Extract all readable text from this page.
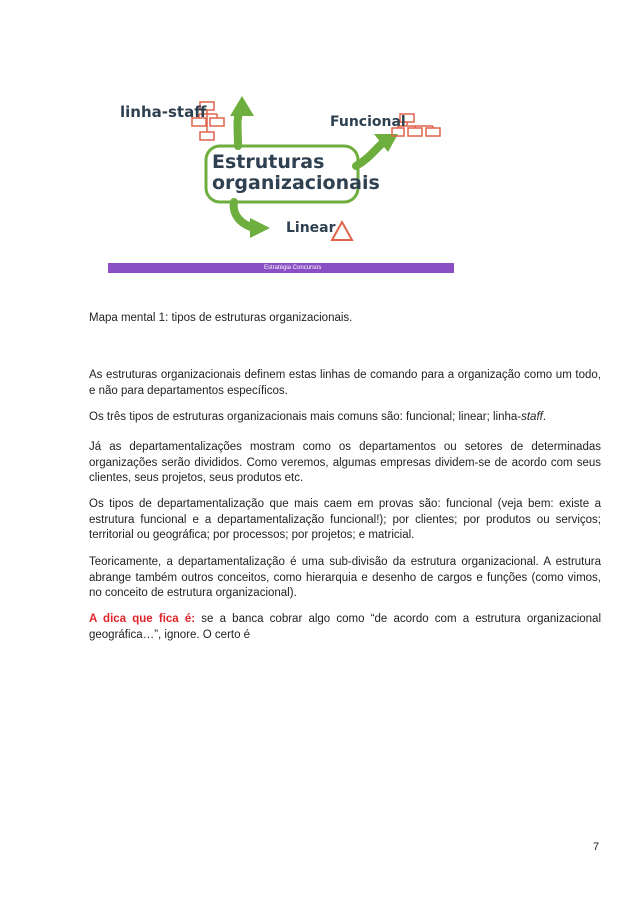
linha-staff
Funcional
Estruturas
organizacionais
Linear
Estratégia Concursos
Mapa mental 1: tipos de estruturas organizacionais.

As estruturas organizacionais definem estas linhas de comando para a organização como um todo, e não para departamentos específicos.

Os três tipos de estruturas organizacionais mais comuns são: funcional; linear; linha-staff.

Já as departamentalizações mostram como os departamentos ou setores de determinadas organizações serão divididos. Como veremos, algumas empresas dividem-se de acordo com seus clientes, seus projetos, seus produtos etc.

Os tipos de departamentalização que mais caem em provas são: funcional (veja bem: existe a estrutura funcional e a departamentalização funcional!); por clientes; por produtos ou serviços; territorial ou geográfica; por processos; por projetos; e matricial.

Teoricamente, a departamentalização é uma sub-divisão da estrutura organizacional. A estrutura abrange também outros conceitos, como hierarquia e desenho de cargos e funções (como vimos, no conceito de estrutura organizacional).

A dica que fica é: se a banca cobrar algo como “de acordo com a estrutura organizacional geográfica…”, ignore. O certo é

7
